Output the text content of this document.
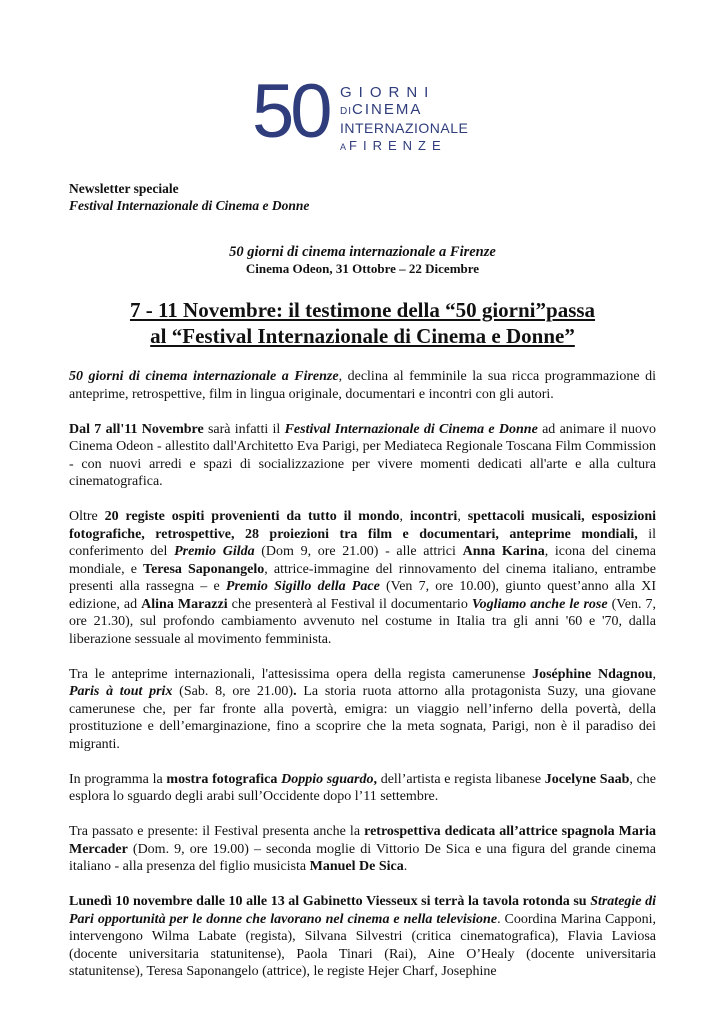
50 GIORNI
DICINEMA
INTERNAZIONALE
AFIRENZE
Newsletter speciale
Festival Internazionale di Cinema e Donne
50 giorni di cinema internazionale a Firenze
Cinema Odeon, 31 Ottobre – 22 Dicembre
7 - 11 Novembre: il testimone della “50 giorni”passa
al “Festival Internazionale di Cinema e Donne”

50 giorni di cinema internazionale a Firenze, declina al femminile la sua ricca programmazione di anteprime, retrospettive, film in lingua originale, documentari e incontri con gli autori.

Dal 7 all'11 Novembre sarà infatti il Festival Internazionale di Cinema e Donne ad animare il nuovo Cinema Odeon - allestito dall'Architetto Eva Parigi, per Mediateca Regionale Toscana Film Commission - con nuovi arredi e spazi di socializzazione per vivere momenti dedicati all'arte e alla cultura cinematografica.

Oltre 20 registe ospiti provenienti da tutto il mondo, incontri, spettacoli musicali, esposizioni fotografiche, retrospettive, 28 proiezioni tra film e documentari, anteprime mondiali, il conferimento del Premio Gilda (Dom 9, ore 21.00) - alle attrici Anna Karina, icona del cinema mondiale, e Teresa Saponangelo, attrice-immagine del rinnovamento del cinema italiano, entrambe presenti alla rassegna – e Premio Sigillo della Pace (Ven 7, ore 10.00), giunto quest’anno alla XI edizione, ad Alina Marazzi che presenterà al Festival il documentario Vogliamo anche le rose (Ven. 7, ore 21.30), sul profondo cambiamento avvenuto nel costume in Italia tra gli anni '60 e '70, dalla liberazione sessuale al movimento femminista.

Tra le anteprime internazionali, l'attesissima opera della regista camerunense Joséphine Ndagnou, Paris à tout prix (Sab. 8, ore 21.00). La storia ruota attorno alla protagonista Suzy, una giovane camerunese che, per far fronte alla povertà, emigra: un viaggio nell’inferno della povertà, della prostituzione e dell’emarginazione, fino a scoprire che la meta sognata, Parigi, non è il paradiso dei migranti.

In programma la mostra fotografica Doppio sguardo, dell’artista e regista libanese Jocelyne Saab, che esplora lo sguardo degli arabi sull’Occidente dopo l’11 settembre.

Tra passato e presente: il Festival presenta anche la retrospettiva dedicata all’attrice spagnola Maria Mercader (Dom. 9, ore 19.00) – seconda moglie di Vittorio De Sica e una figura del grande cinema italiano - alla presenza del figlio musicista Manuel De Sica.

Lunedì 10 novembre dalle 10 alle 13 al Gabinetto Viesseux si terrà la tavola rotonda su Strategie di Pari opportunità per le donne che lavorano nel cinema e nella televisione. Coordina Marina Capponi, intervengono Wilma Labate (regista), Silvana Silvestri (critica cinematografica), Flavia Laviosa (docente universitaria statunitense), Paola Tinari (Rai), Aine O’Healy (docente universitaria statunitense), Teresa Saponangelo (attrice), le registe Hejer Charf, Josephine
